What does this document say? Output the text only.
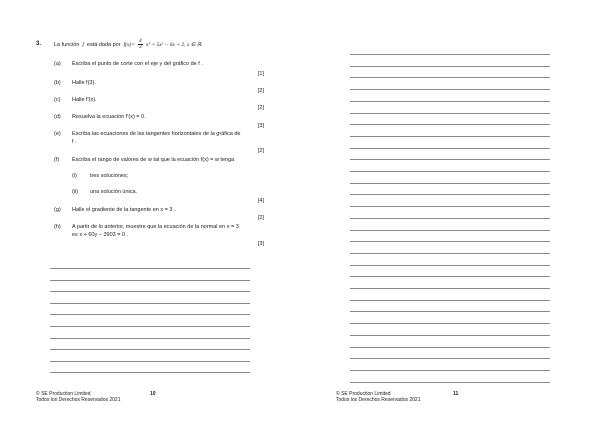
3. La función f está dada por $f(x)= \frac{4}{3} x^3 + 5x^2 - 6x + 2$, x ∈ ℝ.
(a) Escriba el punto de corte con el eje y del gráfico de f .
[1]
(b) Halle f(3).
[2]
(c) Halle f′(x).
[2]
(d) Resuelva la ecuación f′(x) = 0.
[3]
(e) Escriba las ecuaciones de las tangentes horizontales de la gráfica de
f .
[2]
(f) Escriba el rango de valores de w tal que la ecuación f(x) = w tenga
(i) tres soluciones;
(ii) una solución única.
[4]
(g) Halle el gradiente de la tangente en x = 3 .
[2]
(h) A partir de lo anterior, muestre que la ecuación de la normal en x = 3
es x + 60y − 3903 = 0 .
[3]
© SE Production Limited
Todos los Derechos Reservados 2021
10	© SE Production Limited
Todos los Derechos Reservados 2021
11
